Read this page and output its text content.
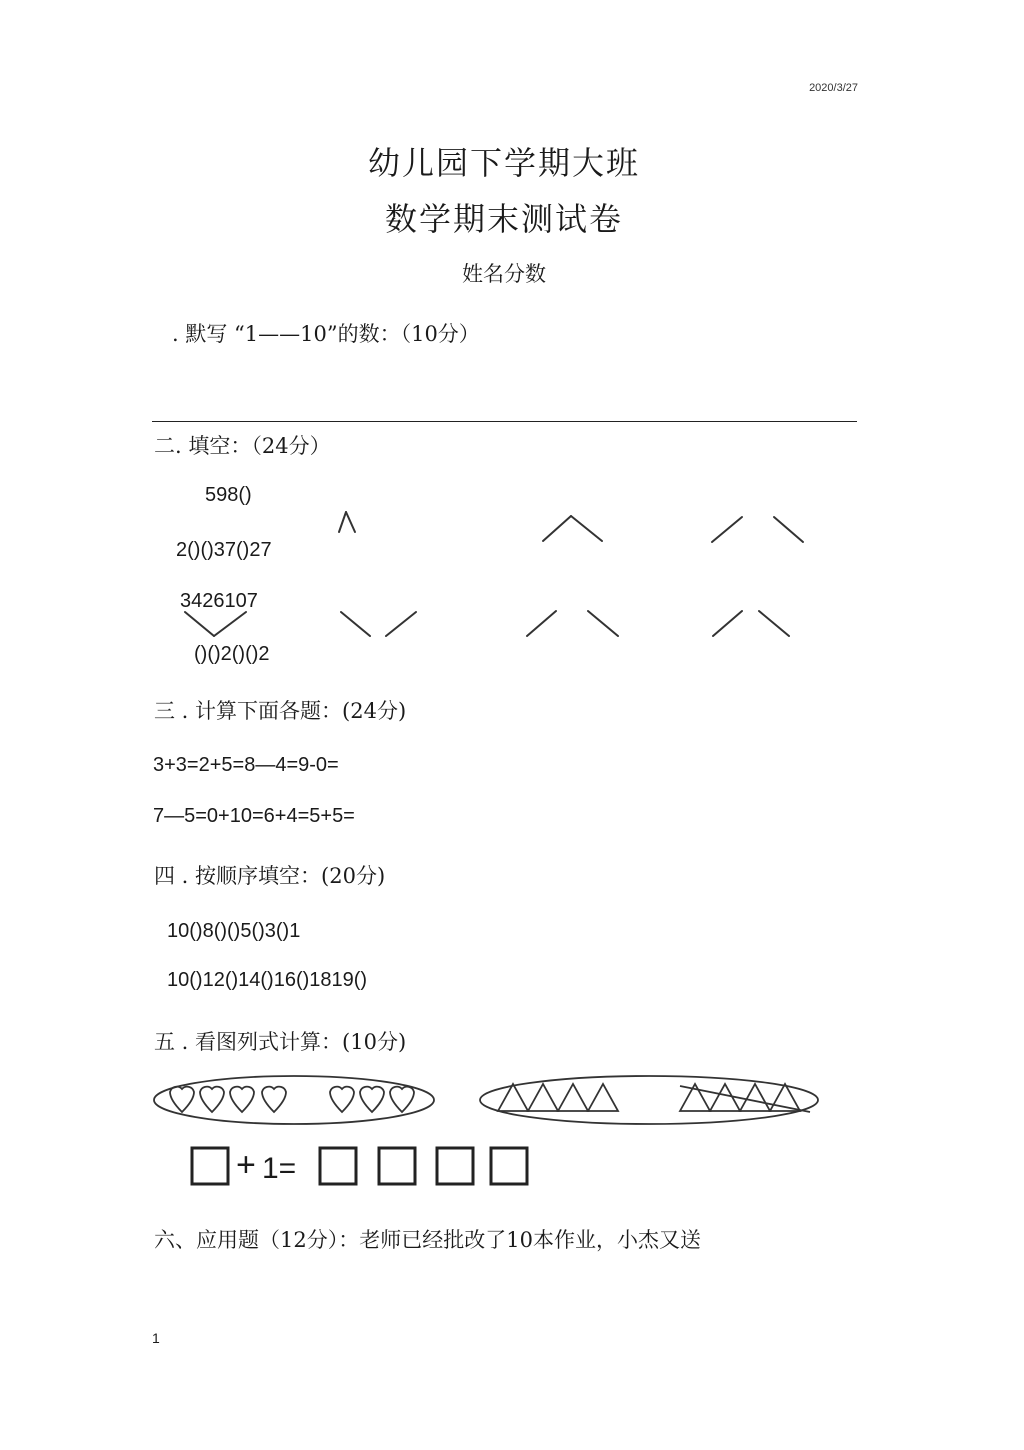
2020/3/27
幼儿园下学期大班
数学期末测试卷
姓名分数
. 默写 “1——10”的数：（10分）
二. 填空：（24分）
598()
2()()37()27
3426107
()()2()()2
三 . 计算下面各题：(24分)
3+3=2+5=8—4=9-0=
7—5=0+10=6+4=5+5=
四 . 按顺序填空：(20分)
10()8()()5()3()1
10()12()14()16()1819()
五 . 看图列式计算：(10分)
+ 1=
六、应用题（12分）：老师已经批改了10本作业，小杰又送
1
